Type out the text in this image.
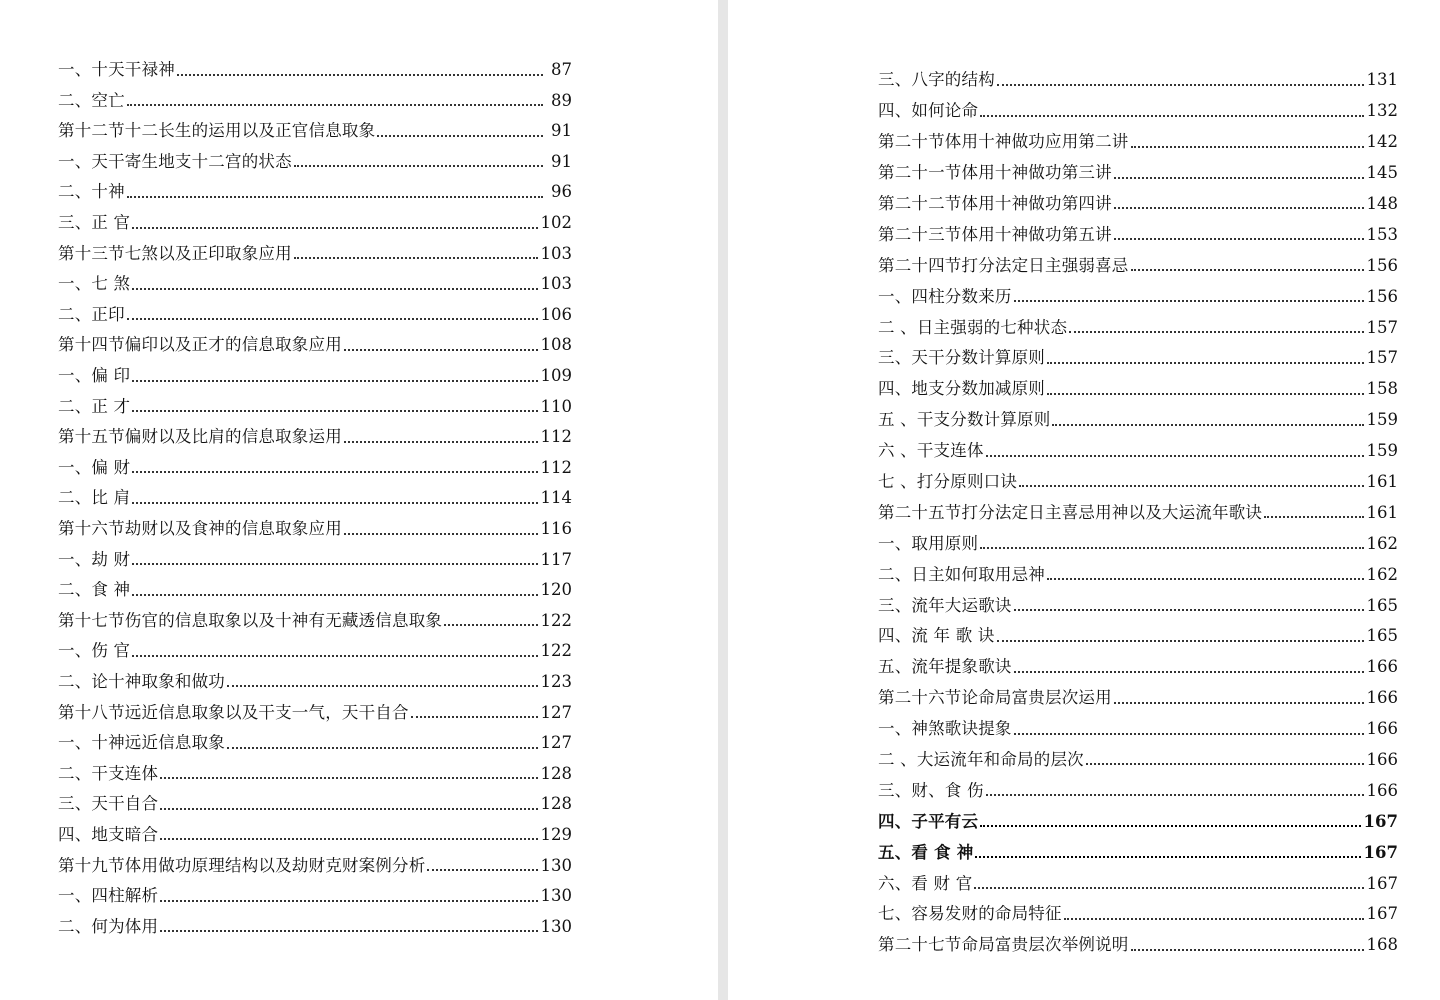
一、十天干禄神	87
二、空亡	89
第十二节十二长生的运用以及正官信息取象	91
一、天干寄生地支十二宫的状态	91
二、十神	96
三、正 官	102
第十三节七煞以及正印取象应用	103
一、七 煞	103
二、正印	106
第十四节偏印以及正才的信息取象应用	108
一、偏 印	109
二、正 才	110
第十五节偏财以及比肩的信息取象运用	112
一、偏 财	112
二、比 肩	114
第十六节劫财以及食神的信息取象应用	116
一、劫 财	117
二、食 神	120
第十七节伤官的信息取象以及十神有无藏透信息取象	122
一、伤 官	122
二、论十神取象和做功	123
第十八节远近信息取象以及干支一气，天干自合	127
一、十神远近信息取象	127
二、干支连体	128
三、天干自合	128
四、地支暗合	129
第十九节体用做功原理结构以及劫财克财案例分析	130
一、四柱解析	130
二、何为体用	130
三、八字的结构	131
四、如何论命	132
第二十节体用十神做功应用第二讲	142
第二十一节体用十神做功第三讲	145
第二十二节体用十神做功第四讲	148
第二十三节体用十神做功第五讲	153
第二十四节打分法定日主强弱喜忌	156
一、四柱分数来历	156
二 、日主强弱的七种状态	157
三、天干分数计算原则	157
四、地支分数加减原则	158
五 、干支分数计算原则	159
六 、干支连体	159
七 、打分原则口诀	161
第二十五节打分法定日主喜忌用神以及大运流年歌诀	161
一、取用原则	162
二、日主如何取用忌神	162
三、流年大运歌诀	165
四、流 年 歌 诀	165
五、流年提象歌诀	166
第二十六节论命局富贵层次运用	166
一、神煞歌诀提象	166
二 、大运流年和命局的层次	166
三、财、食 伤	166
四、子平有云	167
五、看 食 神	167
六、看 财 官	167
七、容易发财的命局特征	167
第二十七节命局富贵层次举例说明	168
